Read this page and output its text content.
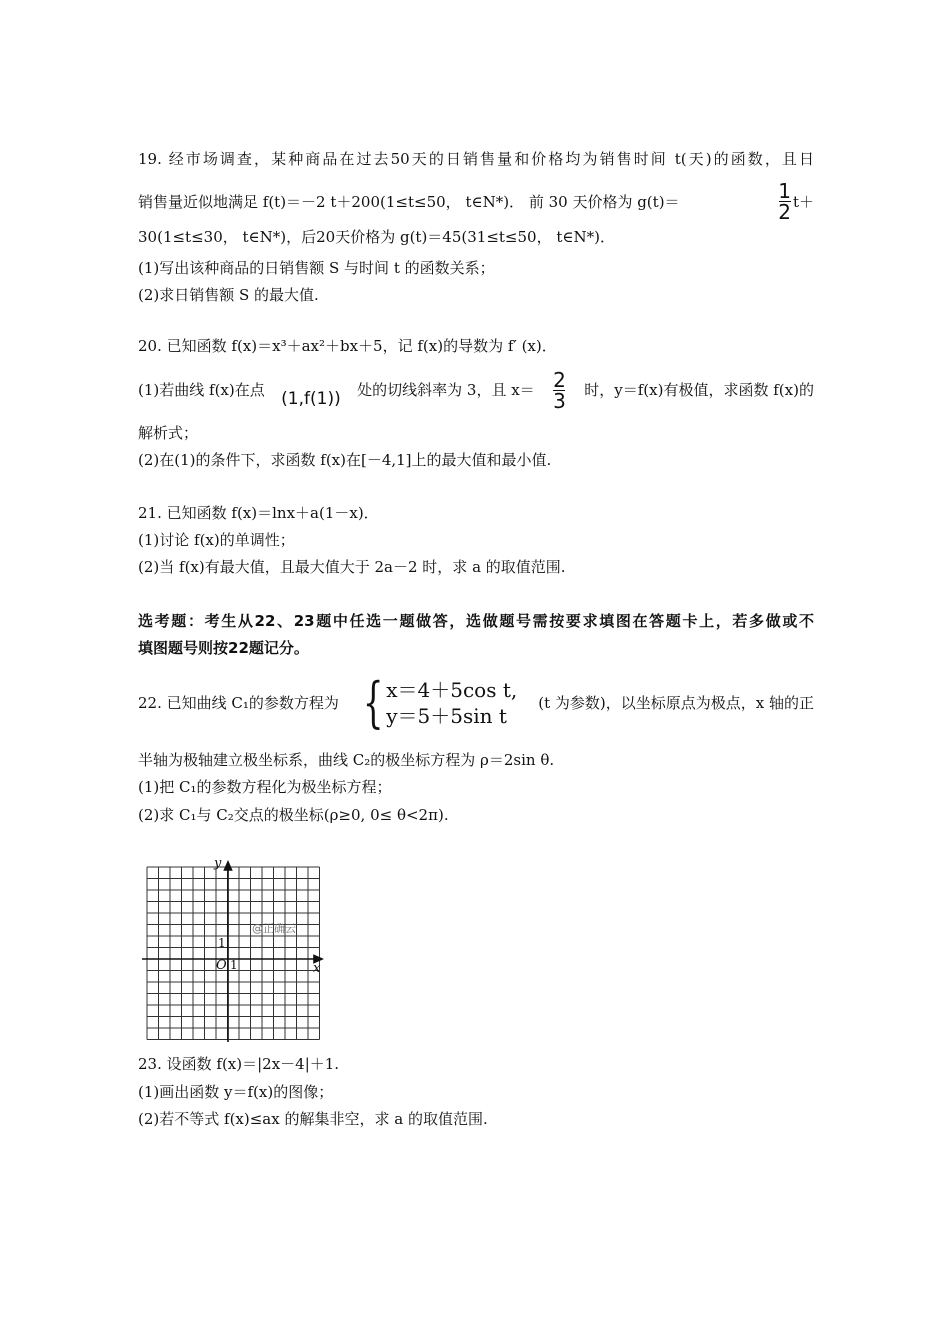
19. 经市场调查，某种商品在过去50天的日销售量和价格均为销售时间 t(天)的函数，且日
销售量近似地满足 f(t)＝－2 t＋200(1≤t≤50， t∈N*)． 前 30 天价格为 g(t)＝	$\frac{1}{2} t+$
30(1≤t≤30， t∈N*)，后20天价格为 g(t)＝45(31≤t≤50， t∈N*)．
(1)写出该种商品的日销售额 S 与时间 t 的函数关系；
(2)求日销售额 S 的最大值.
20. 已知函数 f(x)＝x³＋ax²＋bx＋5，记 f(x)的导数为 f′ (x)．
(1)若曲线 f(x)在点 (1,f(1)) 处的切线斜率为 3，且 $x= \frac{2}{3}$ 时，y＝f(x)有极值，求函数 f(x)的
解析式；
(2)在(1)的条件下，求函数 f(x)在[－4,1]上的最大值和最小值.
21. 已知函数 f(x)＝lnx＋a(1－x)．
(1)讨论 f(x)的单调性；
(2)当 f(x)有最大值，且最大值大于 2a－2 时，求 a 的取值范围.
选考题：考生从22、23题中任选一题做答，选做题号需按要求填图在答题卡上，若多做或不
填图题号则按22题记分。
22. 已知曲线 C₁的参数方程为 { x＝4＋5cos t,
y＝5＋5sin t
(t 为参数)，以坐标原点为极点，x 轴的正
半轴为极轴建立极坐标系，曲线 C₂的极坐标方程为 ρ＝2sin θ.
(1)把 C₁的参数方程化为极坐标方程；
(2)求 C₁与 C₂交点的极坐标(ρ≥0, 0≤ θ<2π).
y
x
O 1
1
@正确云
23. 设函数 f(x)＝|2x－4|＋1.
(1)画出函数 y＝f(x)的图像；
(2)若不等式 f(x)≤ax 的解集非空，求 a 的取值范围.
